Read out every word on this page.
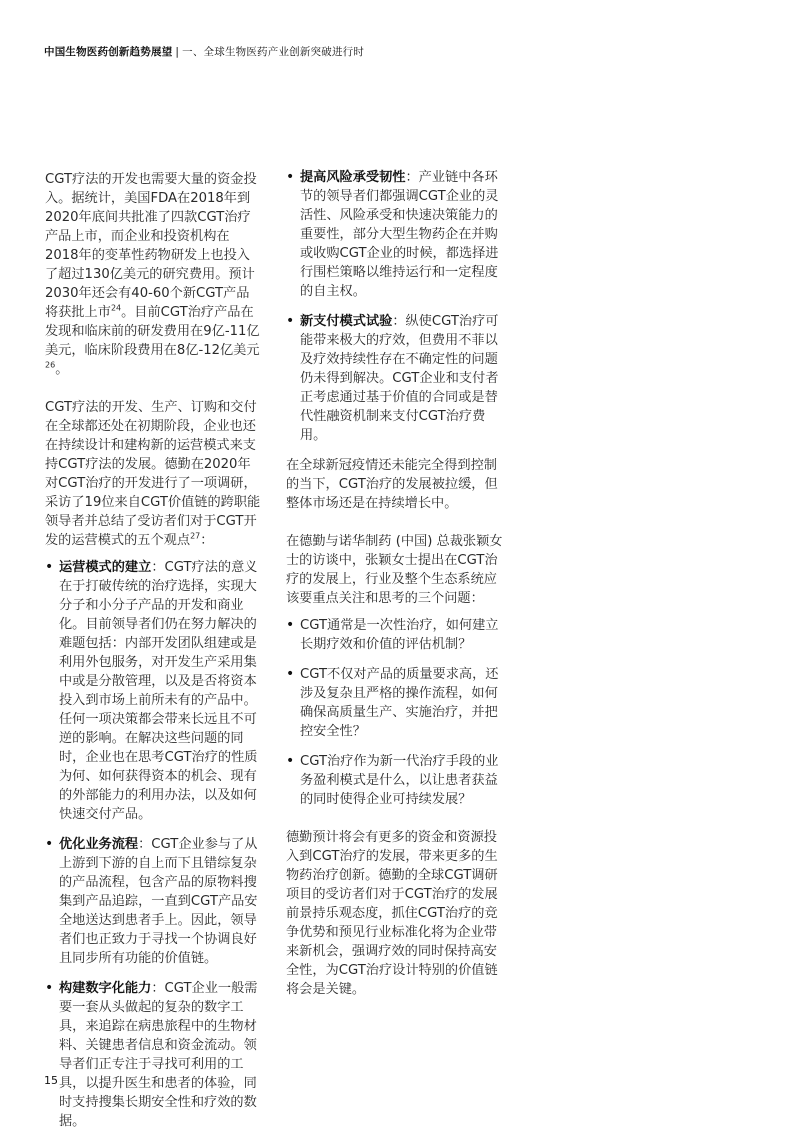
中国生物医药创新趋势展望 | 一、全球生物医药产业创新突破进行时

CGT疗法的开发也需要大量的资金投入。据统计，美国FDA在2018年到2020年底间共批准了四款CGT治疗产品上市，而企业和投资机构在2018年的变革性药物研发上也投入了超过130亿美元的研究费用。预计2030年还会有40-60个新CGT产品将获批上市$^{24}$。目前CGT治疗产品在发现和临床前的研发费用在9亿-11亿美元，临床阶段费用在8亿-12亿美元$^{26}$。

CGT疗法的开发、生产、订购和交付在全球都还处在初期阶段，企业也还在持续设计和建构新的运营模式来支持CGT疗法的发展。德勤在2020年对CGT治疗的开发进行了一项调研，采访了19位来自CGT价值链的跨职能领导者并总结了受访者们对于CGT开发的运营模式的五个观点$^{27}$：

• 运营模式的建立：CGT疗法的意义在于打破传统的治疗选择，实现大分子和小分子产品的开发和商业化。目前领导者们仍在努力解决的难题包括：内部开发团队组建或是利用外包服务，对开发生产采用集中或是分散管理，以及是否将资本投入到市场上前所未有的产品中。任何一项决策都会带来长远且不可逆的影响。在解决这些问题的同时，企业也在思考CGT治疗的性质为何、如何获得资本的机会、现有的外部能力的利用办法，以及如何快速交付产品。
• 优化业务流程：CGT企业参与了从上游到下游的自上而下且错综复杂的产品流程，包含产品的原物料搜集到产品追踪，一直到CGT产品安全地送达到患者手上。因此，领导者们也正致力于寻找一个协调良好且同步所有功能的价值链。
• 构建数字化能力：CGT企业一般需要一套从头做起的复杂的数字工具，来追踪在病患旅程中的生物材料、关键患者信息和资金流动。领导者们正专注于寻找可利用的工具，以提升医生和患者的体验，同时支持搜集长期安全性和疗效的数据。
• 提高风险承受韧性：产业链中各环节的领导者们都强调CGT企业的灵活性、风险承受和快速决策能力的重要性，部分大型生物药企在并购或收购CGT企业的时候，都选择进行围栏策略以维持运行和一定程度的自主权。
• 新支付模式试验：纵使CGT治疗可能带来极大的疗效，但费用不菲以及疗效持续性存在不确定性的问题仍未得到解决。CGT企业和支付者正考虑通过基于价值的合同或是替代性融资机制来支付CGT治疗费用。

在全球新冠疫情还未能完全得到控制的当下，CGT治疗的发展被拉缓，但整体市场还是在持续增长中。

在德勤与诺华制药 (中国) 总裁张颖女士的访谈中，张颖女士提出在CGT治疗的发展上，行业及整个生态系统应该要重点关注和思考的三个问题：

• CGT通常是一次性治疗，如何建立长期疗效和价值的评估机制？
• CGT不仅对产品的质量要求高，还涉及复杂且严格的操作流程，如何确保高质量生产、实施治疗，并把控安全性？
• CGT治疗作为新一代治疗手段的业务盈利模式是什么，以让患者获益的同时使得企业可持续发展？

德勤预计将会有更多的资金和资源投入到CGT治疗的发展，带来更多的生物药治疗创新。德勤的全球CGT调研项目的受访者们对于CGT治疗的发展前景持乐观态度，抓住CGT治疗的竞争优势和预见行业标准化将为企业带来新机会，强调疗效的同时保持高安全性，为CGT治疗设计特别的价值链将会是关键。

15
